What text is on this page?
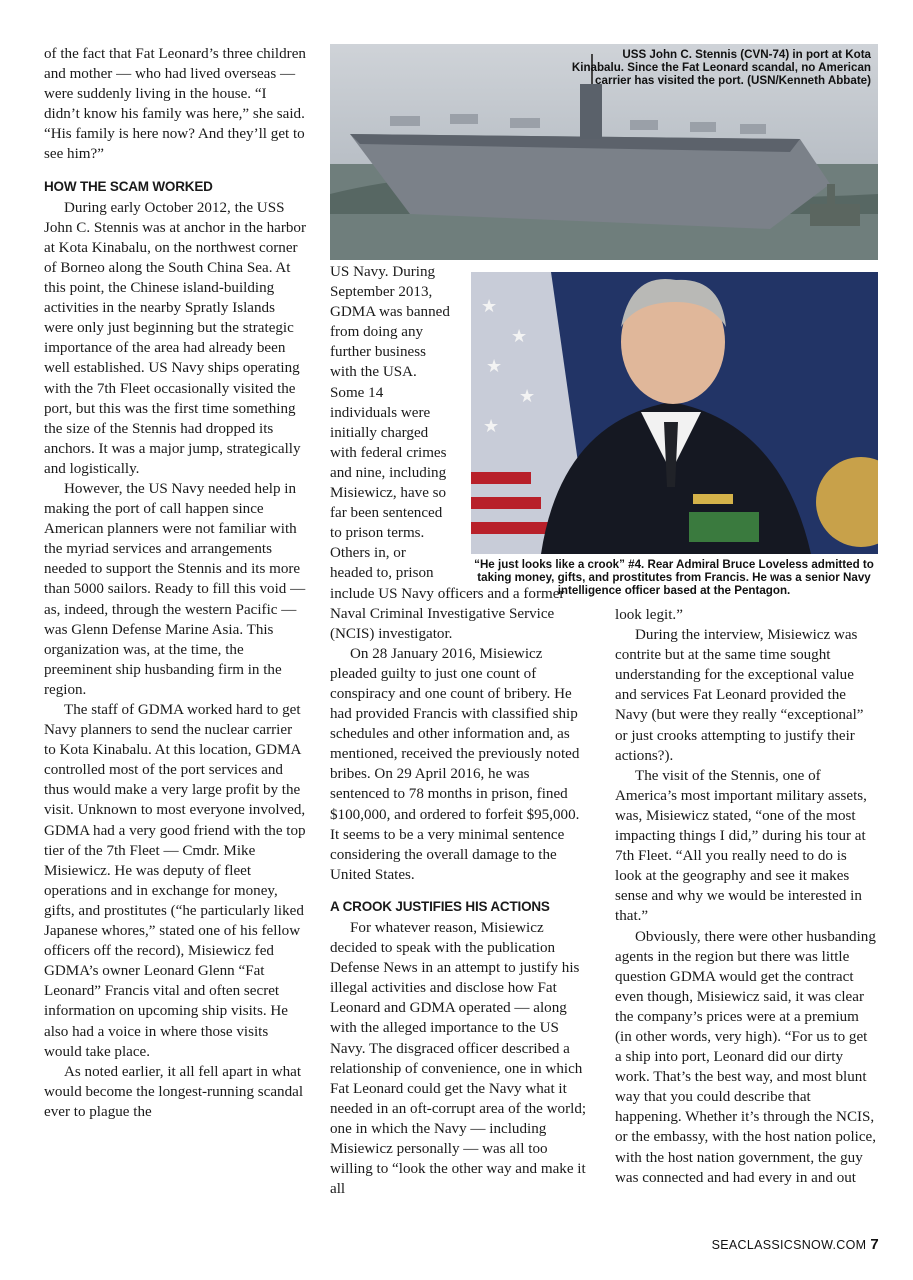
USS John C. Stennis (CVN-74) in port at Kota Kinabalu. Since the Fat Leonard scandal, no American carrier has visited the port. (USN/Kenneth Abbate)
★
★
★
★
★
“He just looks like a crook” #4. Rear Admiral Bruce Loveless admitted to taking money, gifts, and prostitutes from Francis. He was a senior Navy intelligence officer based at the Pentagon.

of the fact that Fat Leonard’s three children and mother — who had lived overseas — were suddenly living in the house. “I didn’t know his family was here,” she said. “His family is here now? And they’ll get to see him?”

HOW THE SCAM WORKED

During early October 2012, the USS John C. Stennis was at anchor in the harbor at Kota Kinabalu, on the northwest corner of Borneo along the South China Sea. At this point, the Chinese island-building activities in the nearby Spratly Islands were only just beginning but the strategic importance of the area had already been well established. US Navy ships operating with the 7th Fleet occasionally visited the port, but this was the first time something the size of the Stennis had dropped its anchors. It was a major jump, strategically and logistically.

However, the US Navy needed help in making the port of call happen since American planners were not familiar with the myriad services and arrangements needed to support the Stennis and its more than 5000 sailors. Ready to fill this void — as, indeed, through the western Pacific — was Glenn Defense Marine Asia. This organization was, at the time, the preeminent ship husbanding firm in the region.

The staff of GDMA worked hard to get Navy planners to send the nuclear carrier to Kota Kinabalu. At this location, GDMA controlled most of the port services and thus would make a very large profit by the visit. Unknown to most everyone involved, GDMA had a very good friend with the top tier of the 7th Fleet — Cmdr. Mike Misiewicz. He was deputy of fleet operations and in exchange for money, gifts, and prostitutes (“he particularly liked Japanese whores,” stated one of his fellow officers off the record), Misiewicz fed GDMA’s owner Leonard Glenn “Fat Leonard” Francis vital and often secret information on upcoming ship visits. He also had a voice in where those visits would take place.

As noted earlier, it all fell apart in what would become the longest-running scandal ever to plague the

US Navy. During September 2013, GDMA was banned from doing any further business with the USA. Some 14 individuals were initially charged with federal crimes and nine, including Misiewicz, have so far been sentenced to prison terms. Others in, or headed to, prison

include US Navy officers and a former Naval Criminal Investigative Service (NCIS) investigator.

On 28 January 2016, Misiewicz pleaded guilty to just one count of conspiracy and one count of bribery. He had provided Francis with classified ship schedules and other information and, as mentioned, received the previously noted bribes. On 29 April 2016, he was sentenced to 78 months in prison, fined $100,000, and ordered to forfeit $95,000. It seems to be a very minimal sentence considering the overall damage to the United States.

A CROOK JUSTIFIES HIS ACTIONS

For whatever reason, Misiewicz decided to speak with the publication Defense News in an attempt to justify his illegal activities and disclose how Fat Leonard and GDMA operated — along with the alleged importance to the US Navy. The disgraced officer described a relationship of convenience, one in which Fat Leonard could get the Navy what it needed in an oft-corrupt area of the world; one in which the Navy — including Misiewicz personally — was all too willing to “look the other way and make it all

look legit.”

During the interview, Misiewicz was contrite but at the same time sought understanding for the exceptional value and services Fat Leonard provided the Navy (but were they really “exceptional” or just crooks attempting to justify their actions?).

The visit of the Stennis, one of America’s most important military assets, was, Misiewicz stated, “one of the most impacting things I did,” during his tour at 7th Fleet. “All you really need to do is look at the geography and see it makes sense and why we would be interested in that.”

Obviously, there were other husbanding agents in the region but there was little question GDMA would get the contract even though, Misiewicz said, it was clear the company’s prices were at a premium (in other words, very high). “For us to get a ship into port, Leonard did our dirty work. That’s the best way, and most blunt way that you could describe that happening. Whether it’s through the NCIS, or the embassy, with the host nation police, with the host nation government, the guy was connected and had every in and out

SEACLASSICSNOW.COM 7
